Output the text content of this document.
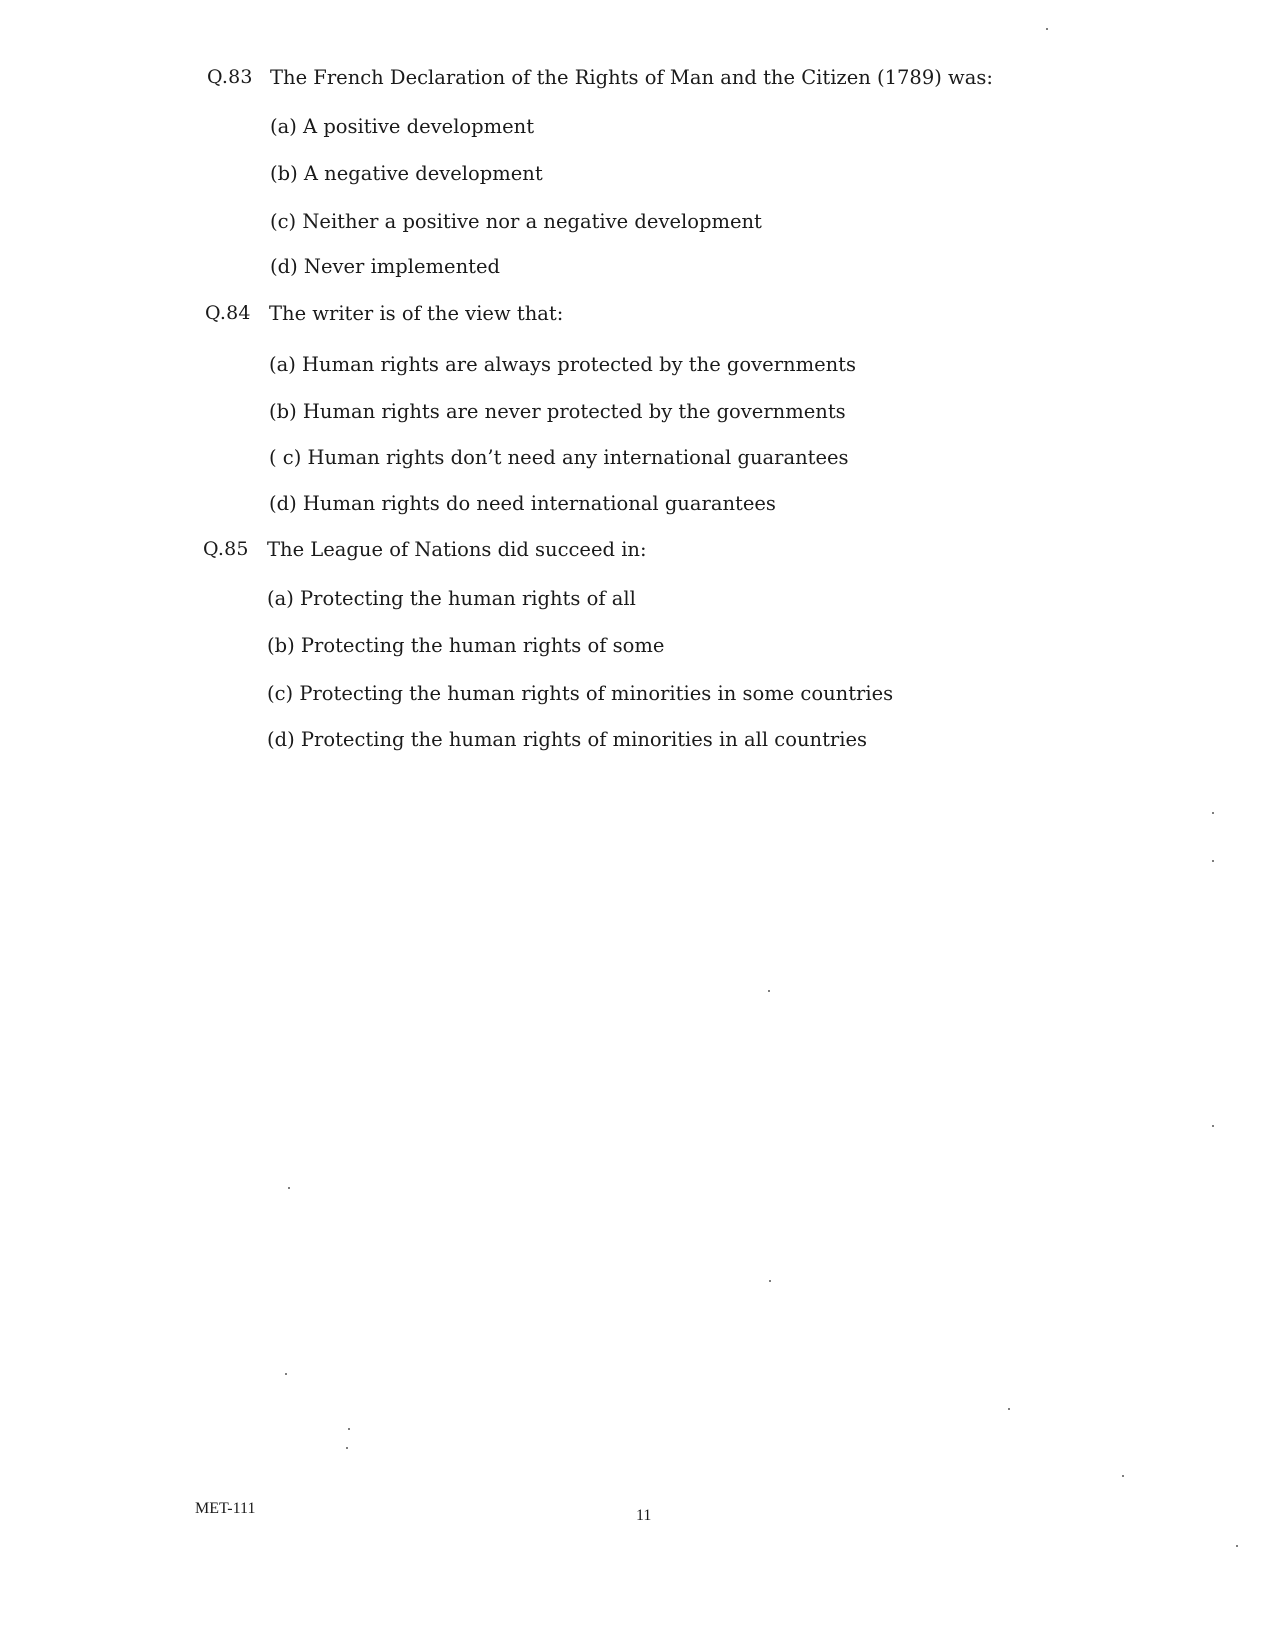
Q.83 The French Declaration of the Rights of Man and the Citizen (1789) was:
(a) A positive development
(b) A negative development
(c) Neither a positive nor a negative development
(d) Never implemented
Q.84 The writer is of the view that:
(a) Human rights are always protected by the governments
(b) Human rights are never protected by the governments
( c) Human rights don’t need any international guarantees
(d) Human rights do need international guarantees
Q.85 The League of Nations did succeed in:
(a) Protecting the human rights of all
(b) Protecting the human rights of some
(c) Protecting the human rights of minorities in some countries
(d) Protecting the human rights of minorities in all countries
MET-111	11
